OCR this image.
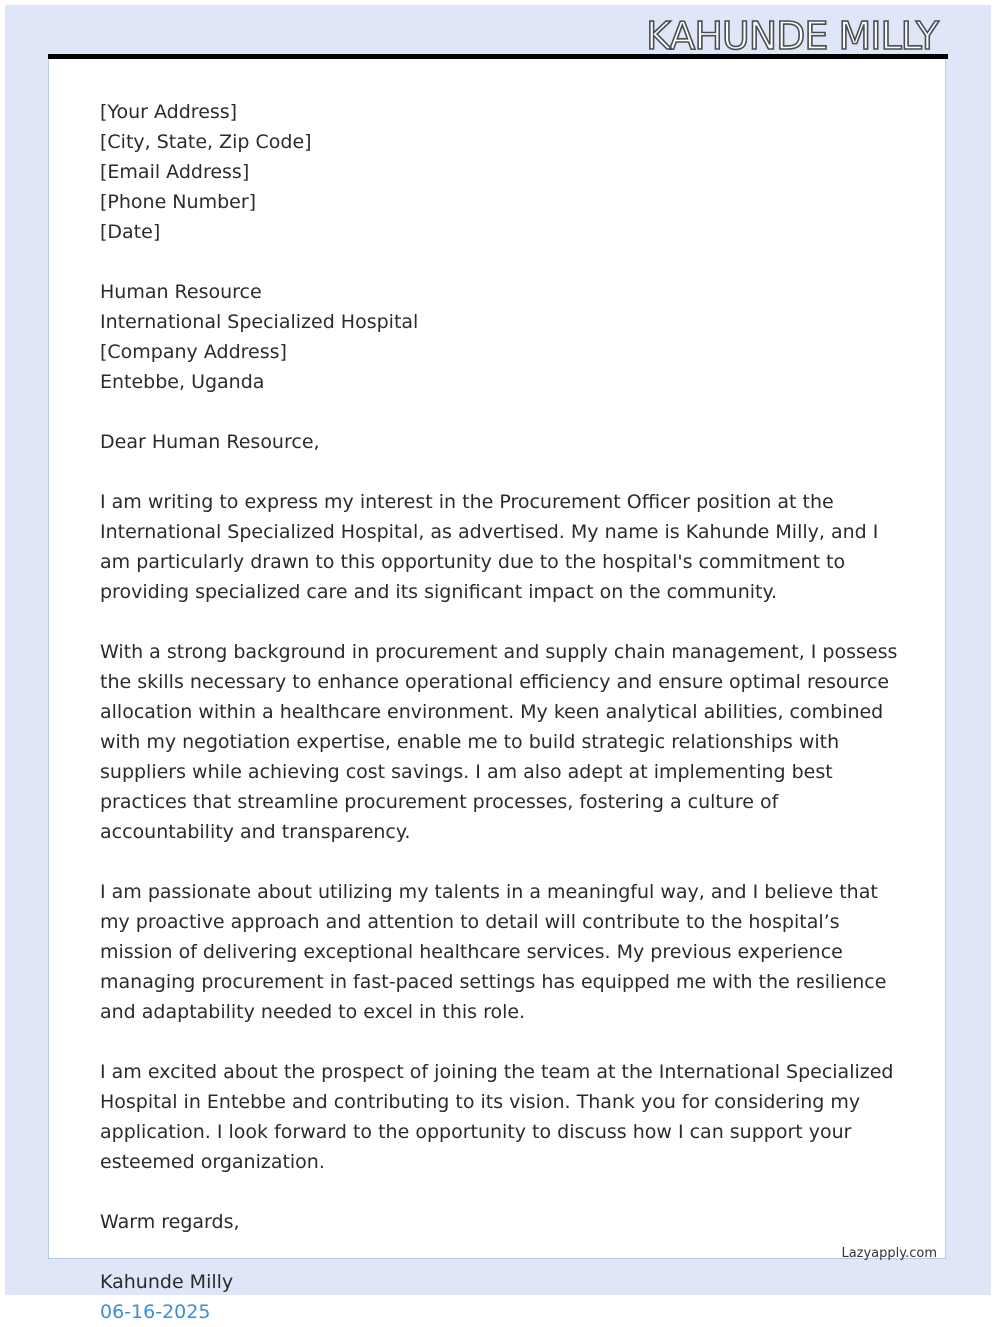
KAHUNDE MILLY
[Your Address]
[City, State, Zip Code]
[Email Address]
[Phone Number]
[Date]
Human Resource
International Specialized Hospital
[Company Address]
Entebbe, Uganda
Dear Human Resource,
I am writing to express my interest in the Procurement Officer position at the International Specialized Hospital, as advertised. My name is Kahunde Milly, and I am particularly drawn to this opportunity due to the hospital's commitment to providing specialized care and its significant impact on the community.
With a strong background in procurement and supply chain management, I possess the skills necessary to enhance operational efficiency and ensure optimal resource allocation within a healthcare environment. My keen analytical abilities, combined with my negotiation expertise, enable me to build strategic relationships with suppliers while achieving cost savings. I am also adept at implementing best practices that streamline procurement processes, fostering a culture of accountability and transparency.
I am passionate about utilizing my talents in a meaningful way, and I believe that my proactive approach and attention to detail will contribute to the hospital’s mission of delivering exceptional healthcare services. My previous experience managing procurement in fast-paced settings has equipped me with the resilience and adaptability needed to excel in this role.
I am excited about the prospect of joining the team at the International Specialized Hospital in Entebbe and contributing to its vision. Thank you for considering my application. I look forward to the opportunity to discuss how I can support your esteemed organization.
Warm regards,
Kahunde Milly
06-16-2025
Lazyapply.com
